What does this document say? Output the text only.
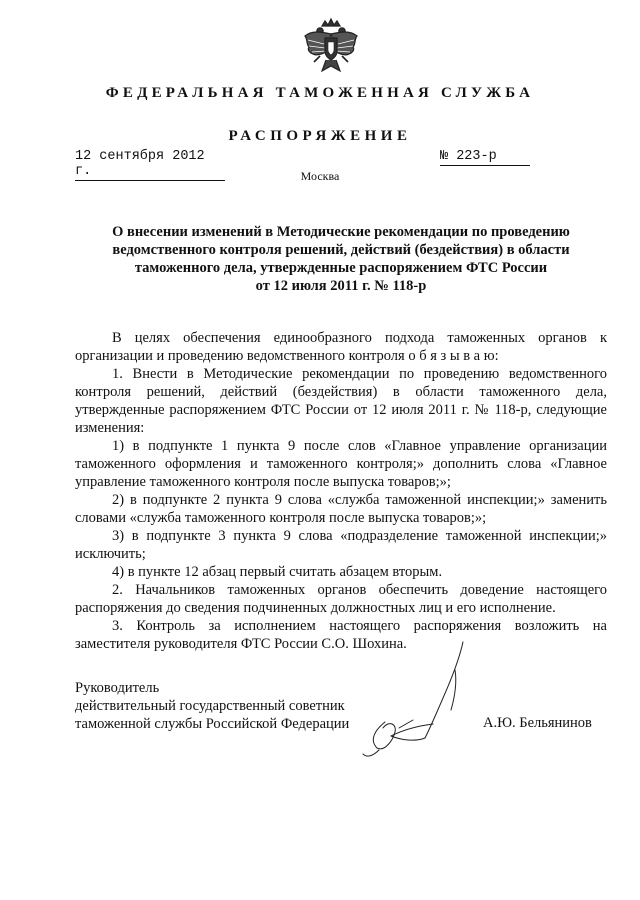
ФЕДЕРАЛЬНАЯ ТАМОЖЕННАЯ СЛУЖБА
РАСПОРЯЖЕНИЕ
12 сентября 2012 г.
№ 223-р
Москва
О внесении изменений в Методические рекомендации по проведению
ведомственного контроля решений, действий (бездействия) в области
таможенного дела, утвержденные распоряжением ФТС России
от 12 июля 2011 г. № 118-р

В целях обеспечения единообразного подхода таможенных органов к организации и проведению ведомственного контроля о б я з ы в а ю:

1. Внести в Методические рекомендации по проведению ведомственного контроля решений, действий (бездействия) в области таможенного дела, утвержденные распоряжением ФТС России от 12 июля 2011 г. № 118-р, следующие изменения:

1) в подпункте 1 пункта 9 после слов «Главное управление организации таможенного оформления и таможенного контроля;» дополнить слова «Главное управление таможенного контроля после выпуска товаров;»;

2) в подпункте 2 пункта 9 слова «служба таможенной инспекции;» заменить словами «служба таможенного контроля после выпуска товаров;»;

3) в подпункте 3 пункта 9 слова «подразделение таможенной инспекции;» исключить;

4) в пункте 12 абзац первый считать абзацем вторым.

2. Начальников таможенных органов обеспечить доведение настоящего распоряжения до сведения подчиненных должностных лиц и его исполнение.

3. Контроль за исполнением настоящего распоряжения возложить на заместителя руководителя ФТС России С.О. Шохина.

Руководитель
действительный государственный советник
таможенной службы Российской Федерации	А.Ю. Бельянинов
